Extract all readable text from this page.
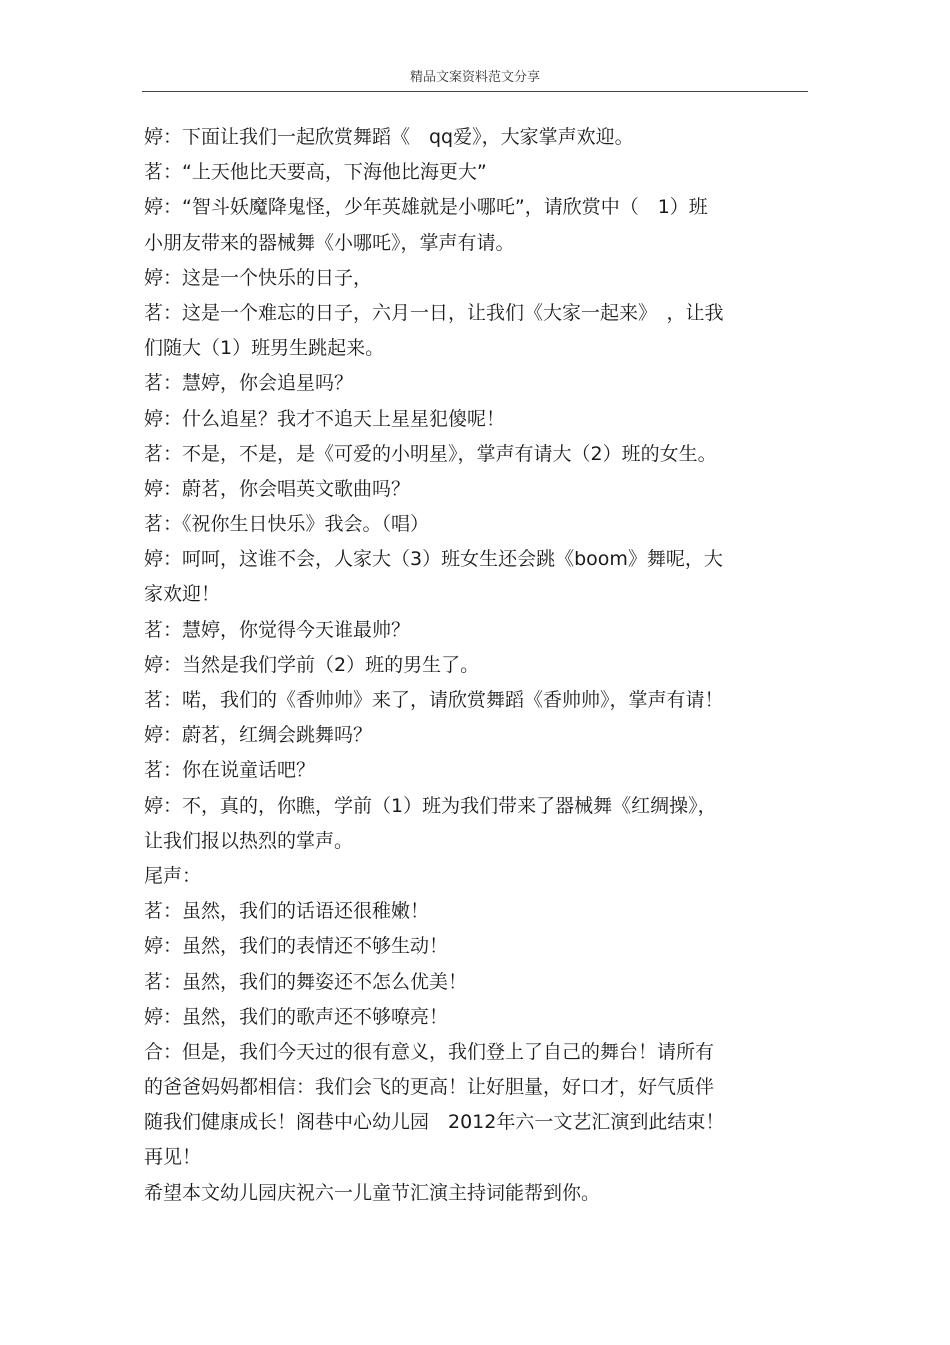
精品文案资料范文分享
婷：下面让我们一起欣赏舞蹈《　qq爱》，大家掌声欢迎。
茗：“上天他比天要高，下海他比海更大”
婷：“智斗妖魔降鬼怪，少年英雄就是小哪吒”，请欣赏中（　1）班
小朋友带来的器械舞《小哪吒》，掌声有请。
婷：这是一个快乐的日子，
茗：这是一个难忘的日子，六月一日，让我们《大家一起来》　，让我
们随大（1）班男生跳起来。
茗：慧婷，你会追星吗？
婷：什么追星？我才不追天上星星犯傻呢！
茗：不是，不是，是《可爱的小明星》，掌声有请大（2）班的女生。
婷：蔚茗，你会唱英文歌曲吗？
茗：《祝你生日快乐》我会。（唱）
婷：呵呵，这谁不会，人家大（3）班女生还会跳《boom》舞呢，大
家欢迎！
茗：慧婷，你觉得今天谁最帅？
婷：当然是我们学前（2）班的男生了。
茗：喏，我们的《香帅帅》来了，请欣赏舞蹈《香帅帅》，掌声有请！
婷：蔚茗，红绸会跳舞吗？
茗：你在说童话吧？
婷：不，真的，你瞧，学前（1）班为我们带来了器械舞《红绸操》，
让我们报以热烈的掌声。
尾声：
茗：虽然，我们的话语还很稚嫩！
婷：虽然，我们的表情还不够生动！
茗：虽然，我们的舞姿还不怎么优美！
婷：虽然，我们的歌声还不够嘹亮！
合：但是，我们今天过的很有意义，我们登上了自己的舞台！请所有
的爸爸妈妈都相信：我们会飞的更高！让好胆量，好口才，好气质伴
随我们健康成长！阁巷中心幼儿园　2012年六一文艺汇演到此结束！
再见！
希望本文幼儿园庆祝六一儿童节汇演主持词能帮到你。
